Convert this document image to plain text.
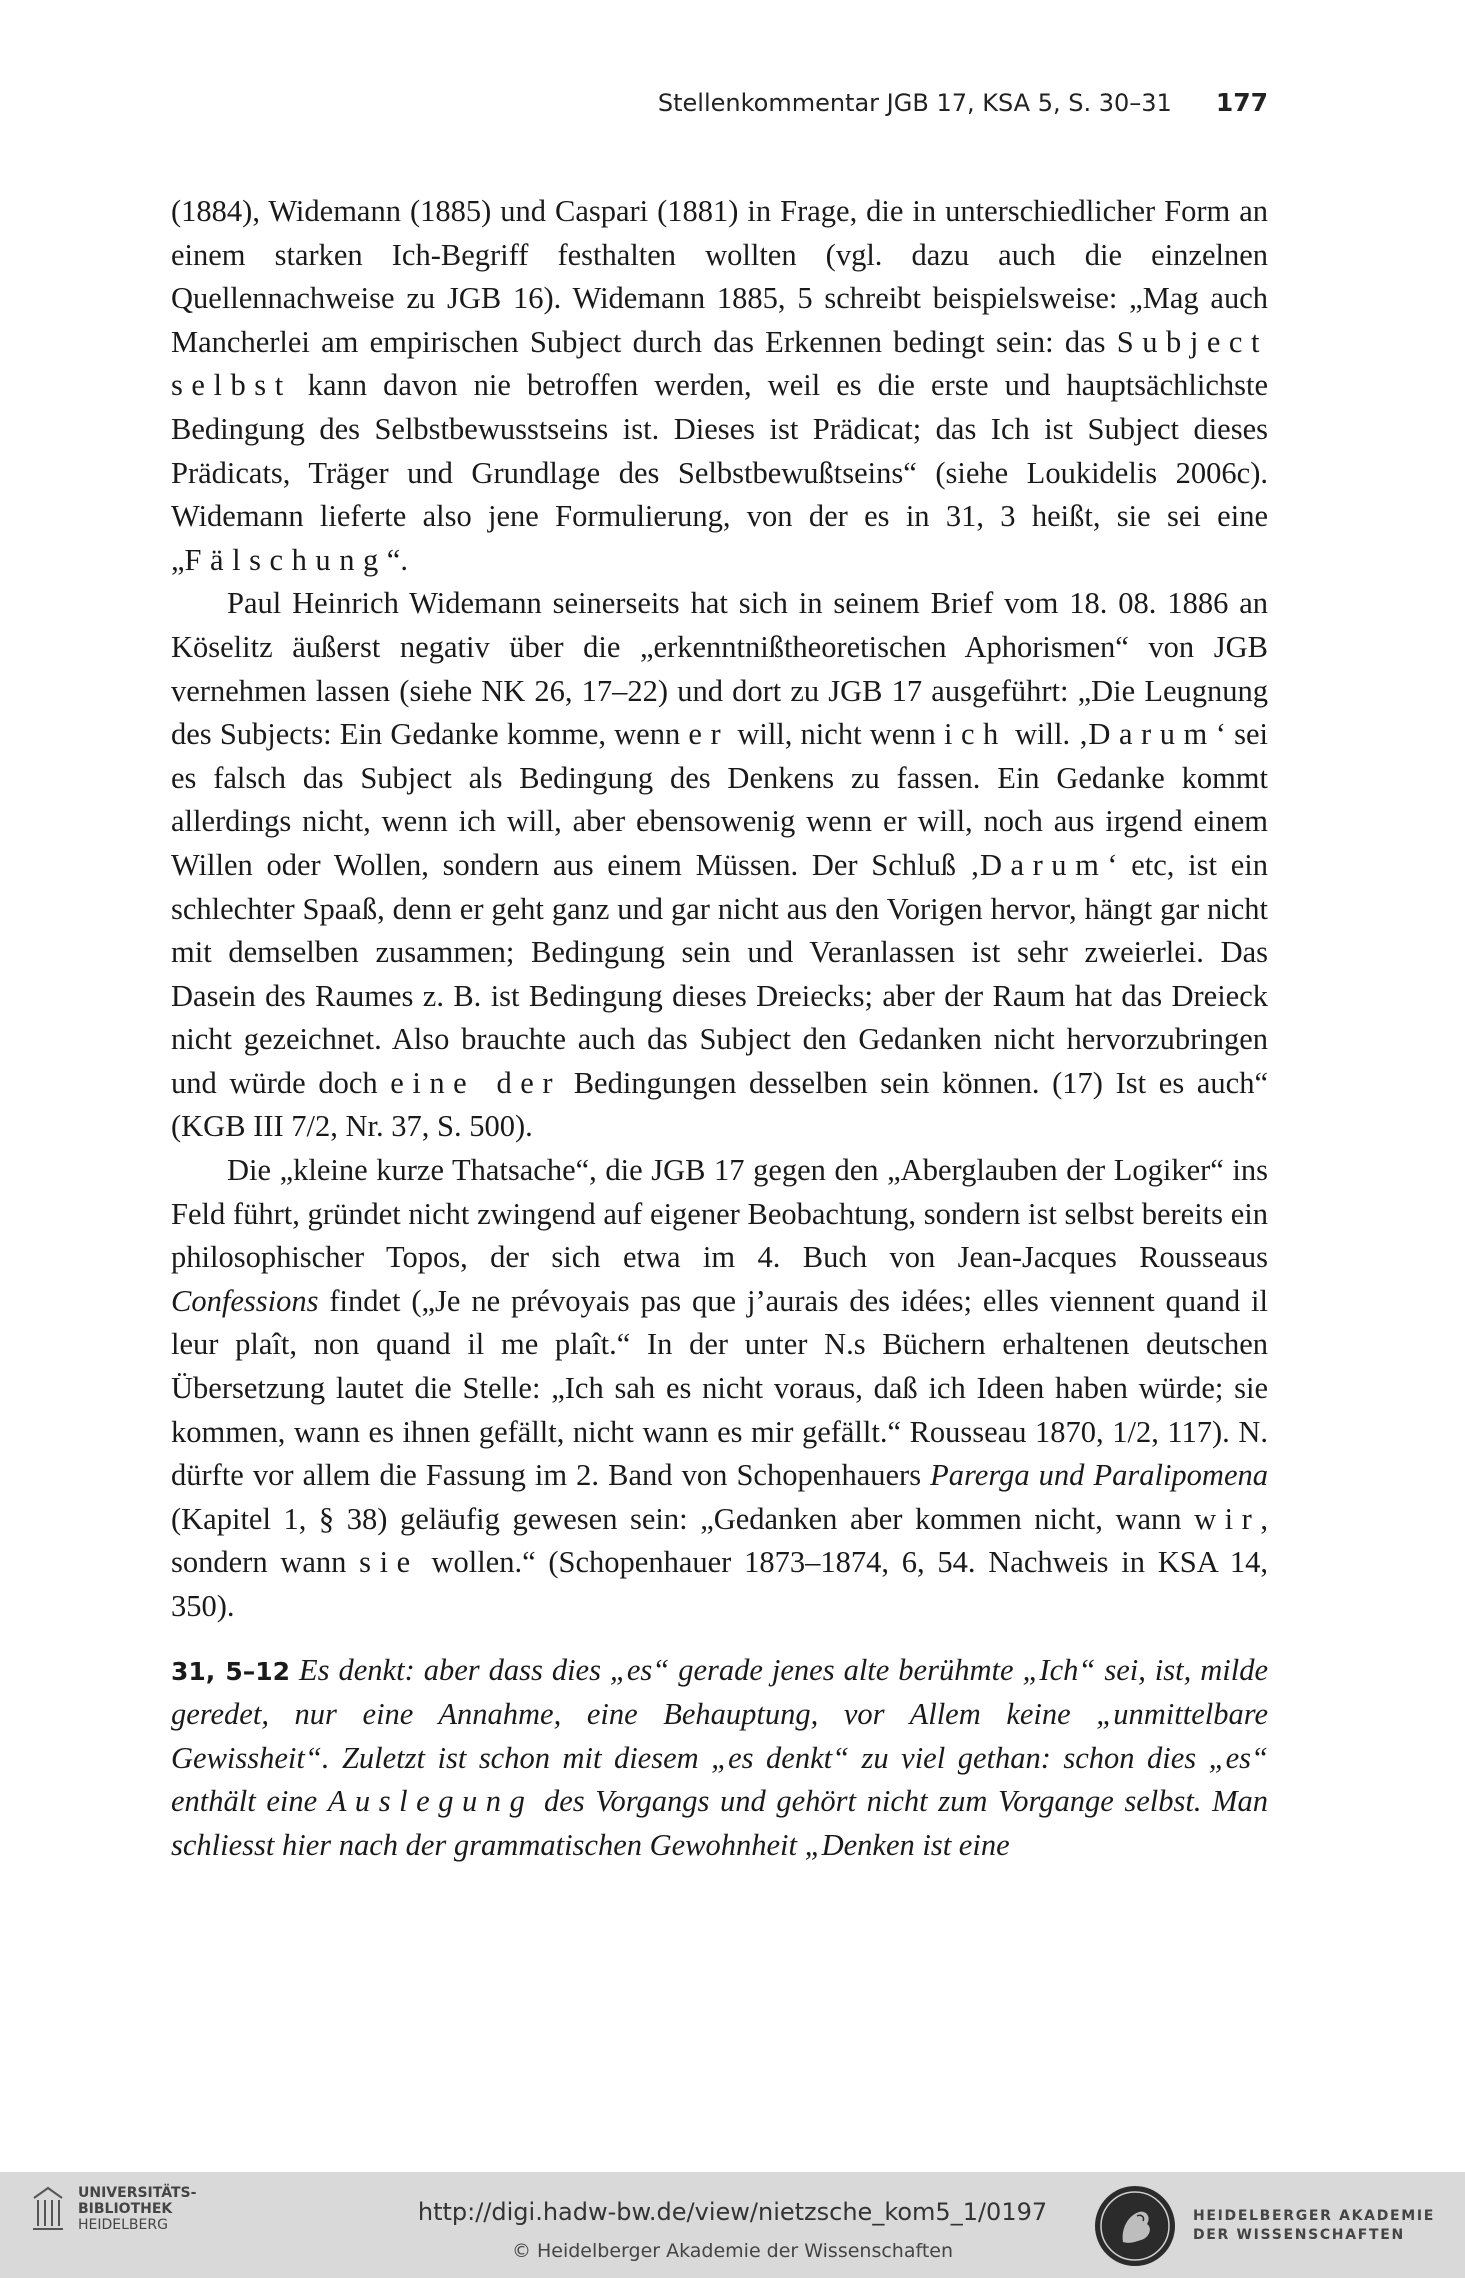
Stellenkommentar JGB 17, KSA 5, S. 30–31 177

(1884), Widemann (1885) und Caspari (1881) in Frage, die in unterschiedlicher Form an einem starken Ich-Begriff festhalten wollten (vgl. dazu auch die einzelnen Quellennachweise zu JGB 16). Widemann 1885, 5 schreibt beispielsweise: „Mag auch Mancherlei am empirischen Subject durch das Erkennen bedingt sein: das Subject selbst kann davon nie betroffen werden, weil es die erste und hauptsächlichste Bedingung des Selbstbewusstseins ist. Dieses ist Prädicat; das Ich ist Subject dieses Prädicats, Träger und Grundlage des Selbstbewußtseins“ (siehe Loukidelis 2006c). Widemann lieferte also jene Formulierung, von der es in 31, 3 heißt, sie sei eine „Fälschung“.

Paul Heinrich Widemann seinerseits hat sich in seinem Brief vom 18. 08. 1886 an Köselitz äußerst negativ über die „erkenntnißtheoretischen Aphorismen“ von JGB vernehmen lassen (siehe NK 26, 17–22) und dort zu JGB 17 ausgeführt: „Die Leugnung des Subjects: Ein Gedanke komme, wenn er will, nicht wenn ich will. ‚Darum‘ sei es falsch das Subject als Bedingung des Denkens zu fassen. Ein Gedanke kommt allerdings nicht, wenn ich will, aber ebensowenig wenn er will, noch aus irgend einem Willen oder Wollen, sondern aus einem Müssen. Der Schluß ‚Darum‘ etc, ist ein schlechter Spaaß, denn er geht ganz und gar nicht aus den Vorigen hervor, hängt gar nicht mit demselben zusammen; Bedingung sein und Veranlassen ist sehr zweierlei. Das Dasein des Raumes z. B. ist Bedingung dieses Dreiecks; aber der Raum hat das Dreieck nicht gezeichnet. Also brauchte auch das Subject den Gedanken nicht hervorzubringen und würde doch eine der Bedingungen desselben sein können. (17) Ist es auch“ (KGB III 7/2, Nr. 37, S. 500).

Die „kleine kurze Thatsache“, die JGB 17 gegen den „Aberglauben der Logiker“ ins Feld führt, gründet nicht zwingend auf eigener Beobachtung, sondern ist selbst bereits ein philosophischer Topos, der sich etwa im 4. Buch von Jean-Jacques Rousseaus Confessions findet („Je ne prévoyais pas que j’aurais des idées; elles viennent quand il leur plaît, non quand il me plaît.“ In der unter N.s Büchern erhaltenen deutschen Übersetzung lautet die Stelle: „Ich sah es nicht voraus, daß ich Ideen haben würde; sie kommen, wann es ihnen gefällt, nicht wann es mir gefällt.“ Rousseau 1870, 1/2, 117). N. dürfte vor allem die Fassung im 2. Band von Schopenhauers Parerga und Paralipomena (Kapitel 1, § 38) geläufig gewesen sein: „Gedanken aber kommen nicht, wann wir, sondern wann sie wollen.“ (Schopenhauer 1873–1874, 6, 54. Nachweis in KSA 14, 350).

31, 5–12 Es denkt: aber dass dies „es“ gerade jenes alte berühmte „Ich“ sei, ist, milde geredet, nur eine Annahme, eine Behauptung, vor Allem keine „unmittelbare Gewissheit“. Zuletzt ist schon mit diesem „es denkt“ zu viel gethan: schon dies „es“ enthält eine Auslegung des Vorgangs und gehört nicht zum Vorgange selbst. Man schliesst hier nach der grammatischen Gewohnheit „Denken ist eine

UNIVERSITÄTS-
BIBLIOTHEK
HEIDELBERG	http://digi.hadw-bw.de/view/nietzsche_kom5_1/0197
© Heidelberger Akademie der Wissenschaften
HEIDELBERGER AKADEMIE
DER WISSENSCHAFTEN
